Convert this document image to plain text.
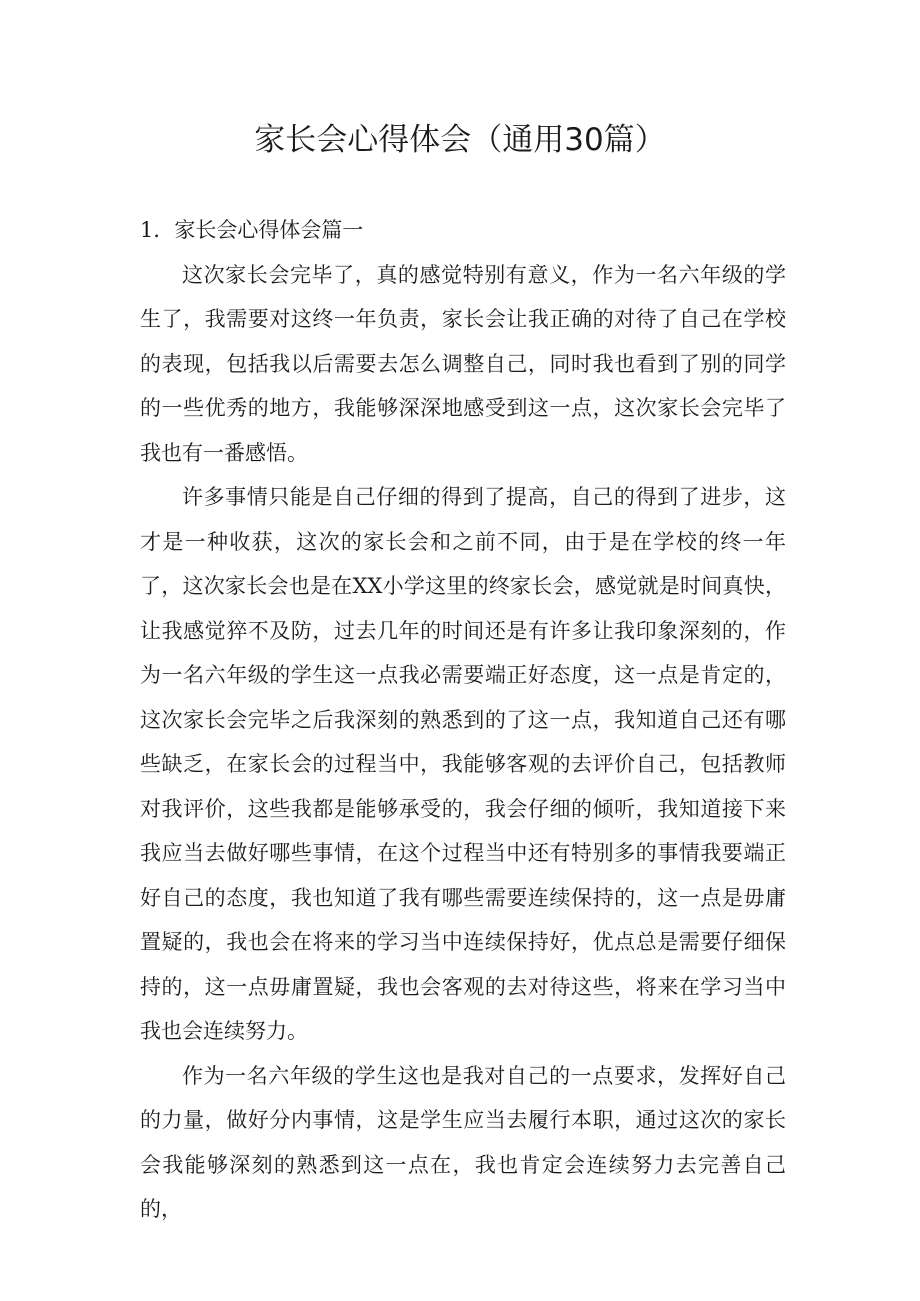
家长会心得体会（通用30篇）
1．家长会心得体会篇一

这次家长会完毕了，真的感觉特别有意义，作为一名六年级的学生了，我需要对这终一年负责，家长会让我正确的对待了自己在学校的表现，包括我以后需要去怎么调整自己，同时我也看到了别的同学的一些优秀的地方，我能够深深地感受到这一点，这次家长会完毕了我也有一番感悟。

许多事情只能是自己仔细的得到了提高，自己的得到了进步，这才是一种收获，这次的家长会和之前不同，由于是在学校的终一年了，这次家长会也是在XX小学这里的终家长会，感觉就是时间真快，让我感觉猝不及防，过去几年的时间还是有许多让我印象深刻的，作为一名六年级的学生这一点我必需要端正好态度，这一点是肯定的，这次家长会完毕之后我深刻的熟悉到的了这一点，我知道自己还有哪些缺乏，在家长会的过程当中，我能够客观的去评价自己，包括教师对我评价，这些我都是能够承受的，我会仔细的倾听，我知道接下来我应当去做好哪些事情，在这个过程当中还有特别多的事情我要端正好自己的态度，我也知道了我有哪些需要连续保持的，这一点是毋庸置疑的，我也会在将来的学习当中连续保持好，优点总是需要仔细保持的，这一点毋庸置疑，我也会客观的去对待这些，将来在学习当中我也会连续努力。

作为一名六年级的学生这也是我对自己的一点要求，发挥好自己的力量，做好分内事情，这是学生应当去履行本职，通过这次的家长会我能够深刻的熟悉到这一点在，我也肯定会连续努力去完善自己的，
